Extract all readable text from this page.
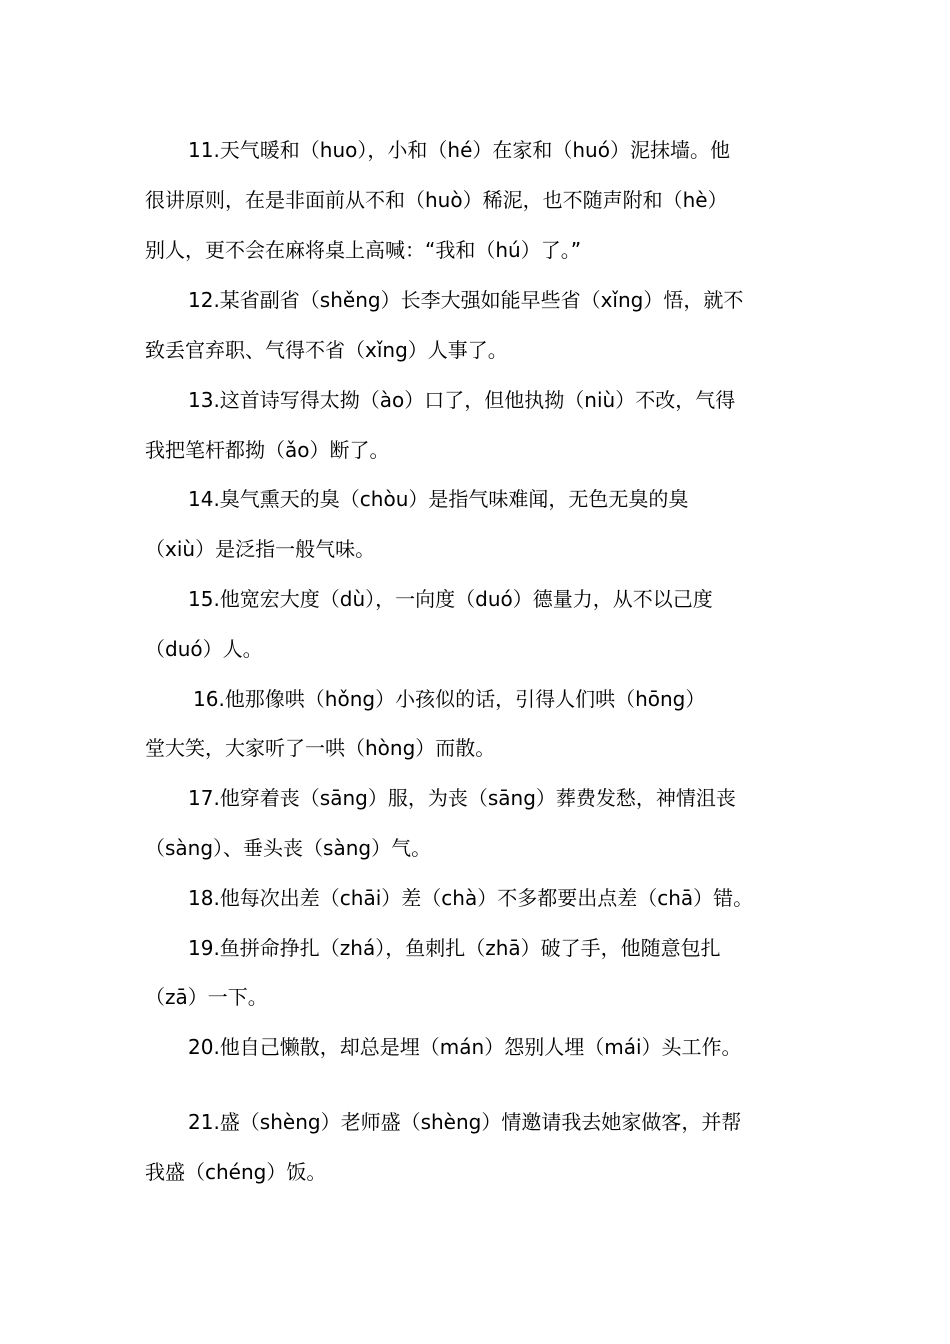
11.天气暖和（huo），小和（hé）在家和（huó）泥抹墙。他
很讲原则，在是非面前从不和（huò）稀泥，也不随声附和（hè）
别人，更不会在麻将桌上高喊：“我和（hú）了。”
12.某省副省（shěng）长李大强如能早些省（xǐng）悟，就不
致丢官弃职、气得不省（xǐng）人事了。
13.这首诗写得太拗（ào）口了，但他执拗（niù）不改，气得
我把笔杆都拗（ǎo）断了。
14.臭气熏天的臭（chòu）是指气味难闻，无色无臭的臭
（xiù）是泛指一般气味。
15.他宽宏大度（dù），一向度（duó）德量力，从不以己度
（duó）人。
16.他那像哄（hǒng）小孩似的话，引得人们哄（hōng）
堂大笑，大家听了一哄（hòng）而散。
17.他穿着丧（sāng）服，为丧（sāng）葬费发愁，神情沮丧
（sàng）、垂头丧（sàng）气。
18.他每次出差（chāi）差（chà）不多都要出点差（chā）错。
19.鱼拼命挣扎（zhá），鱼刺扎（zhā）破了手，他随意包扎
（zā）一下。
20.他自己懒散，却总是埋（mán）怨别人埋（mái）头工作。
21.盛（shèng）老师盛（shèng）情邀请我去她家做客，并帮
我盛（chéng）饭。
